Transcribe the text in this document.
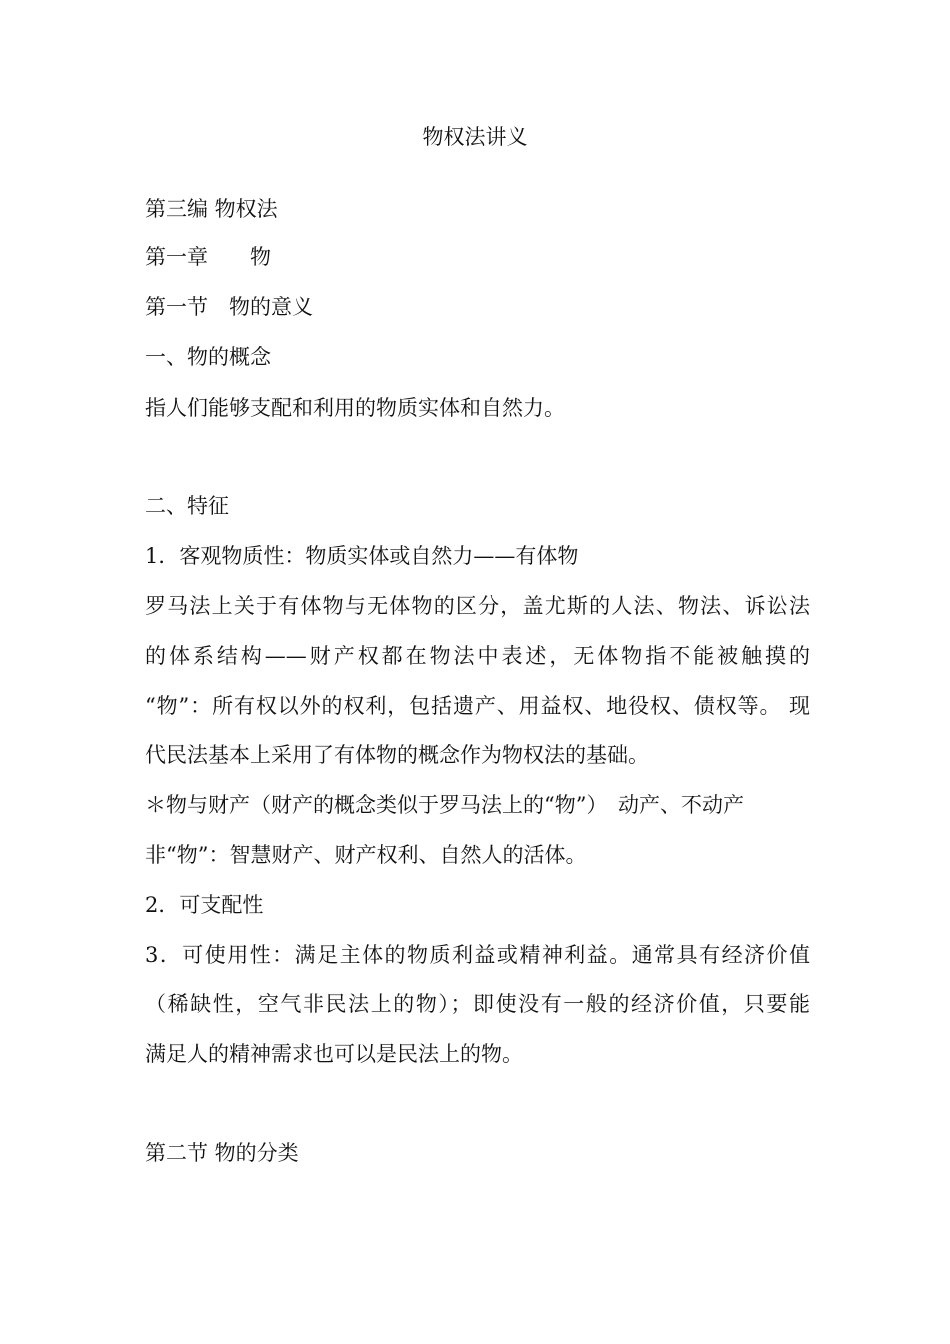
物权法讲义

第三编 物权法

第一章　　物

第一节　物的意义

一、物的概念

指人们能够支配和利用的物质实体和自然力。

二、特征

1．客观物质性：物质实体或自然力——有体物

罗马法上关于有体物与无体物的区分，盖尤斯的人法、物法、诉讼法

的体系结构——财产权都在物法中表述，无体物指不能被触摸的

“物”：所有权以外的权利，包括遗产、用益权、地役权、债权等。 现

代民法基本上采用了有体物的概念作为物权法的基础。

＊物与财产（财产的概念类似于罗马法上的“物”）　动产、不动产

非“物”：智慧财产、财产权利、自然人的活体。

2．可支配性

3．可使用性：满足主体的物质利益或精神利益。通常具有经济价值

（稀缺性，空气非民法上的物）；即使没有一般的经济价值，只要能

满足人的精神需求也可以是民法上的物。

第二节 物的分类
